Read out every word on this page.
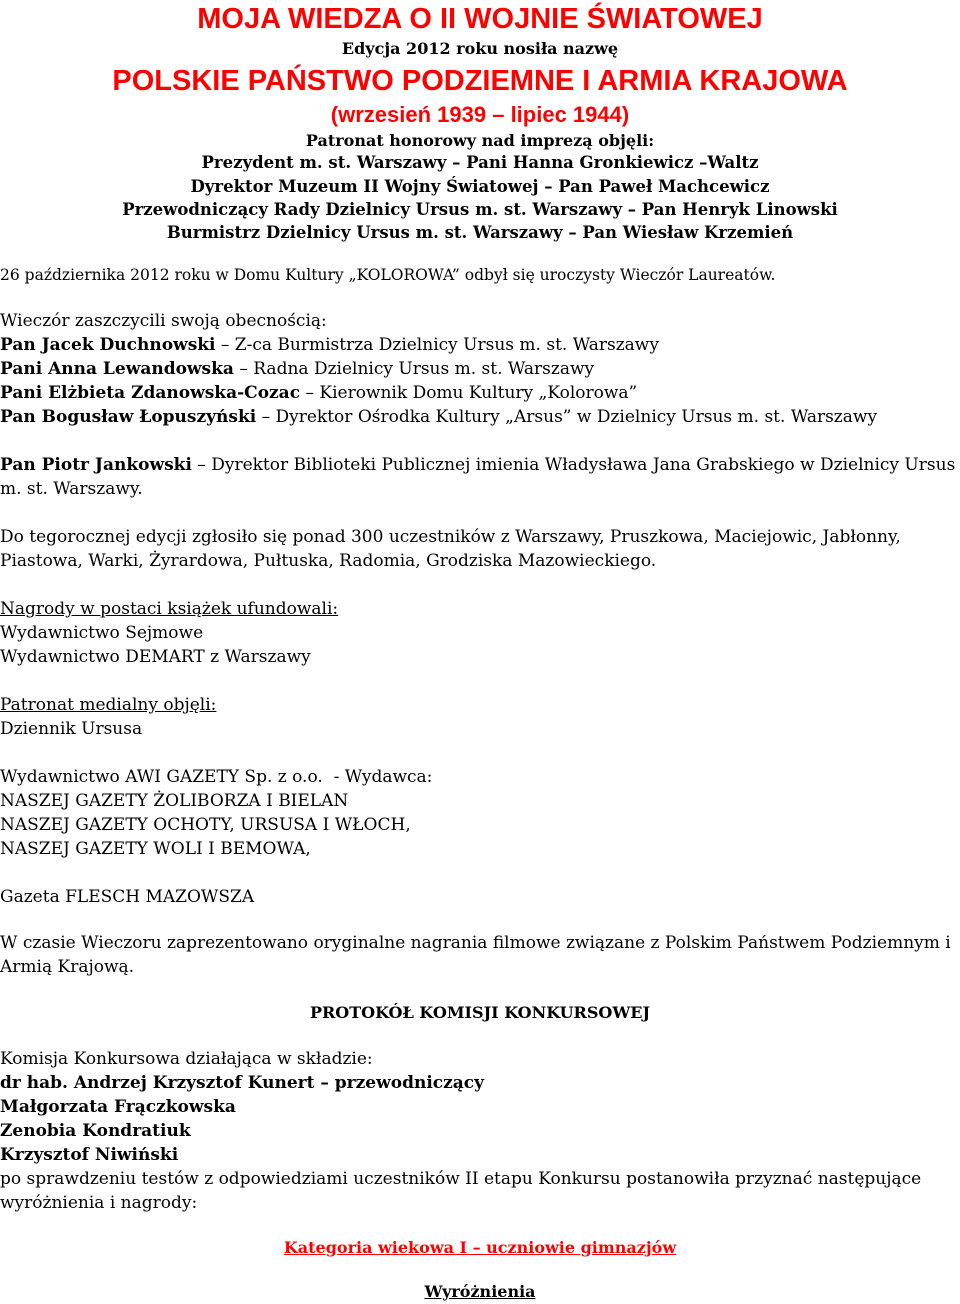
MOJA WIEDZA O II WOJNIE ŚWIATOWEJ
Edycja 2012 roku nosiła nazwę
POLSKIE PAŃSTWO PODZIEMNE I ARMIA KRAJOWA
(wrzesień 1939 – lipiec 1944)
Patronat honorowy nad imprezą objęli:
Prezydent m. st. Warszawy – Pani Hanna Gronkiewicz –Waltz
Dyrektor Muzeum II Wojny Światowej – Pan Paweł Machcewicz
Przewodniczący Rady Dzielnicy Ursus m. st. Warszawy – Pan Henryk Linowski
Burmistrz Dzielnicy Ursus m. st. Warszawy – Pan Wiesław Krzemień
26 października 2012 roku w Domu Kultury „KOLOROWA” odbył się uroczysty Wieczór Laureatów.
Wieczór zaszczycili swoją obecnością:
Pan Jacek Duchnowski – Z-ca Burmistrza Dzielnicy Ursus m. st. Warszawy
Pani Anna Lewandowska – Radna Dzielnicy Ursus m. st. Warszawy
Pani Elżbieta Zdanowska-Cozac – Kierownik Domu Kultury „Kolorowa”
Pan Bogusław Łopuszyński – Dyrektor Ośrodka Kultury „Arsus” w Dzielnicy Ursus m. st. Warszawy
Pan Piotr Jankowski – Dyrektor Biblioteki Publicznej imienia Władysława Jana Grabskiego w Dzielnicy Ursus m. st. Warszawy.
Do tegorocznej edycji zgłosiło się ponad 300 uczestników z Warszawy, Pruszkowa, Maciejowic, Jabłonny, Piastowa, Warki, Żyrardowa, Pułtuska, Radomia, Grodziska Mazowieckiego.
Nagrody w postaci książek ufundowali:
Wydawnictwo Sejmowe
Wydawnictwo DEMART z Warszawy
Patronat medialny objęli:
Dziennik Ursusa
Wydawnictwo AWI GAZETY Sp. z o.o.  - Wydawca:
NASZEJ GAZETY ŻOLIBORZA I BIELAN
NASZEJ GAZETY OCHOTY, URSUSA I WŁOCH,
NASZEJ GAZETY WOLI I BEMOWA,
Gazeta FLESCH MAZOWSZA
W czasie Wieczoru zaprezentowano oryginalne nagrania filmowe związane z Polskim Państwem Podziemnym i Armią Krajową.
PROTOKÓŁ KOMISJI KONKURSOWEJ
Komisja Konkursowa działająca w składzie:
dr hab. Andrzej Krzysztof Kunert – przewodniczący
Małgorzata Frączkowska
Zenobia Kondratiuk
Krzysztof Niwiński
po sprawdzeniu testów z odpowiedziami uczestników II etapu Konkursu postanowiła przyznać następujące wyróżnienia i nagrody:
Kategoria wiekowa I – uczniowie gimnazjów
Wyróżnienia
